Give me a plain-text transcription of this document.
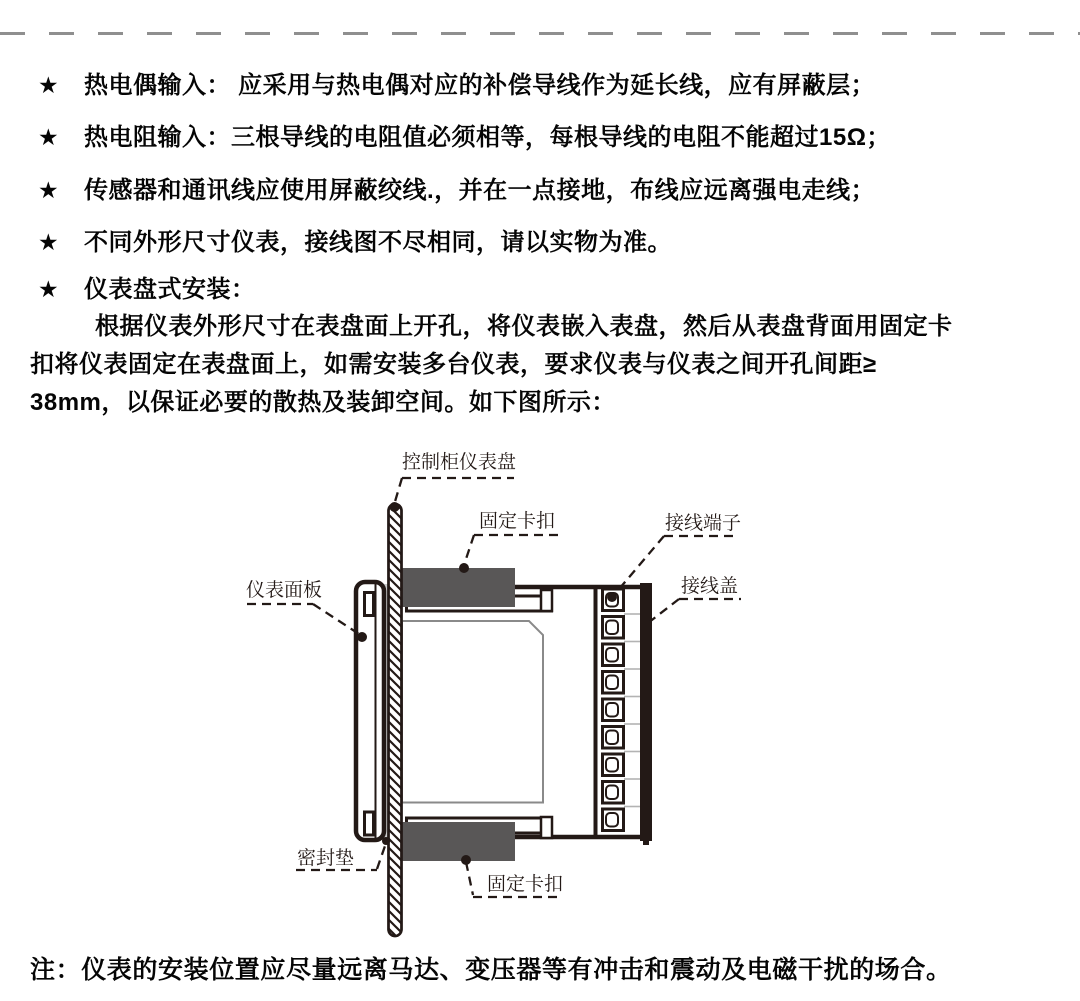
★ 热电偶输入： 应采用与热电偶对应的补偿导线作为延长线，应有屏蔽层；
★ 热电阻输入：三根导线的电阻值必须相等，每根导线的电阻不能超过15Ω；
★ 传感器和通讯线应使用屏蔽绞线.，并在一点接地，布线应远离强电走线；
★ 不同外形尺寸仪表，接线图不尽相同，请以实物为准。
★ 仪表盘式安装：
根据仪表外形尺寸在表盘面上开孔，将仪表嵌入表盘，然后从表盘背面用固定卡
扣将仪表固定在表盘面上，如需安装多台仪表，要求仪表与仪表之间开孔间距≥
38mm，以保证必要的散热及装卸空间。如下图所示：
控制柜仪表盘
固定卡扣	接线端子
接线盖
仪表面板
密封垫
固定卡扣
注：仪表的安装位置应尽量远离马达、变压器等有冲击和震动及电磁干扰的场合。
